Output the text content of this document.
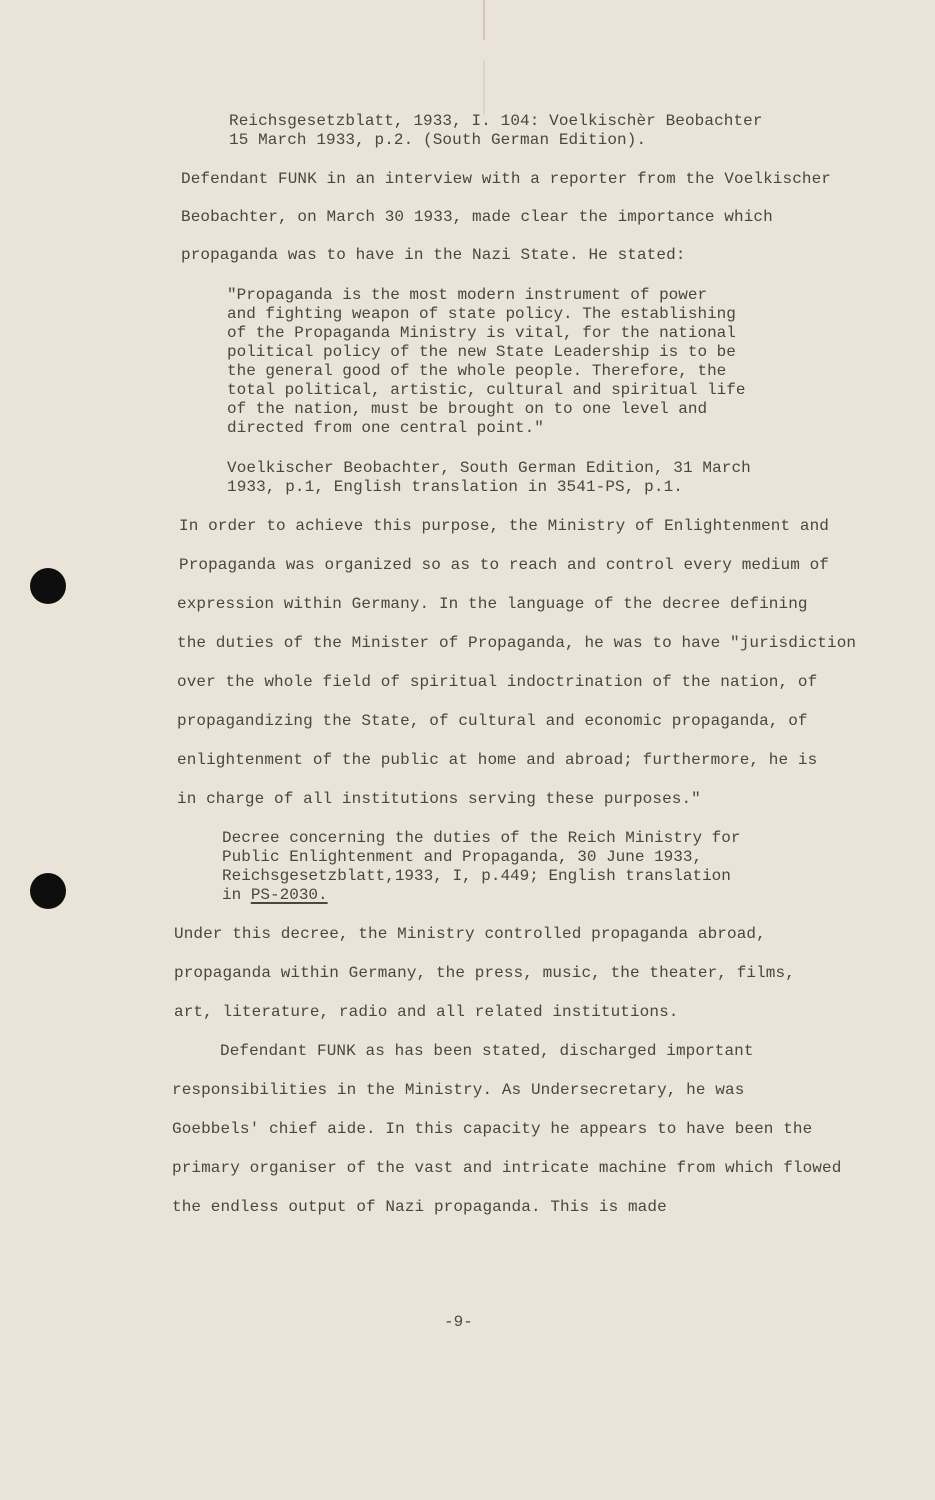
Reichsgesetzblatt, 1933, I. 104: Voelkischèr Beobachter
15 March 1933, p.2. (South German Edition).
Defendant FUNK in an interview with a reporter from the Voelkischer
Beobachter, on March 30 1933, made clear the importance which
propaganda was to have in the Nazi State. He stated:
"Propaganda is the most modern instrument of power
and fighting weapon of state policy. The establishing
of the Propaganda Ministry is vital, for the national
political policy of the new State Leadership is to be
the general good of the whole people. Therefore, the
total political, artistic, cultural and spiritual life
of the nation, must be brought on to one level and
directed from one central point."
Voelkischer Beobachter, South German Edition, 31 March
1933, p.1, English translation in 3541-PS, p.1.
In order to achieve this purpose, the Ministry of Enlightenment and
Propaganda was organized so as to reach and control every medium of
expression within Germany. In the language of the decree defining
the duties of the Minister of Propaganda, he was to have "jurisdiction
over the whole field of spiritual indoctrination of the nation, of
propagandizing the State, of cultural and economic propaganda, of
enlightenment of the public at home and abroad; furthermore, he is
in charge of all institutions serving these purposes."
Decree concerning the duties of the Reich Ministry for
Public Enlightenment and Propaganda, 30 June 1933,
Reichsgesetzblatt,1933, I, p.449; English translation
in PS-2030.
Under this decree, the Ministry controlled propaganda abroad,
propaganda within Germany, the press, music, the theater, films,
art, literature, radio and all related institutions.
Defendant FUNK as has been stated, discharged important
responsibilities in the Ministry. As Undersecretary, he was
Goebbels' chief aide. In this capacity he appears to have been the
primary organiser of the vast and intricate machine from which flowed
the endless output of Nazi propaganda. This is made
-9-
